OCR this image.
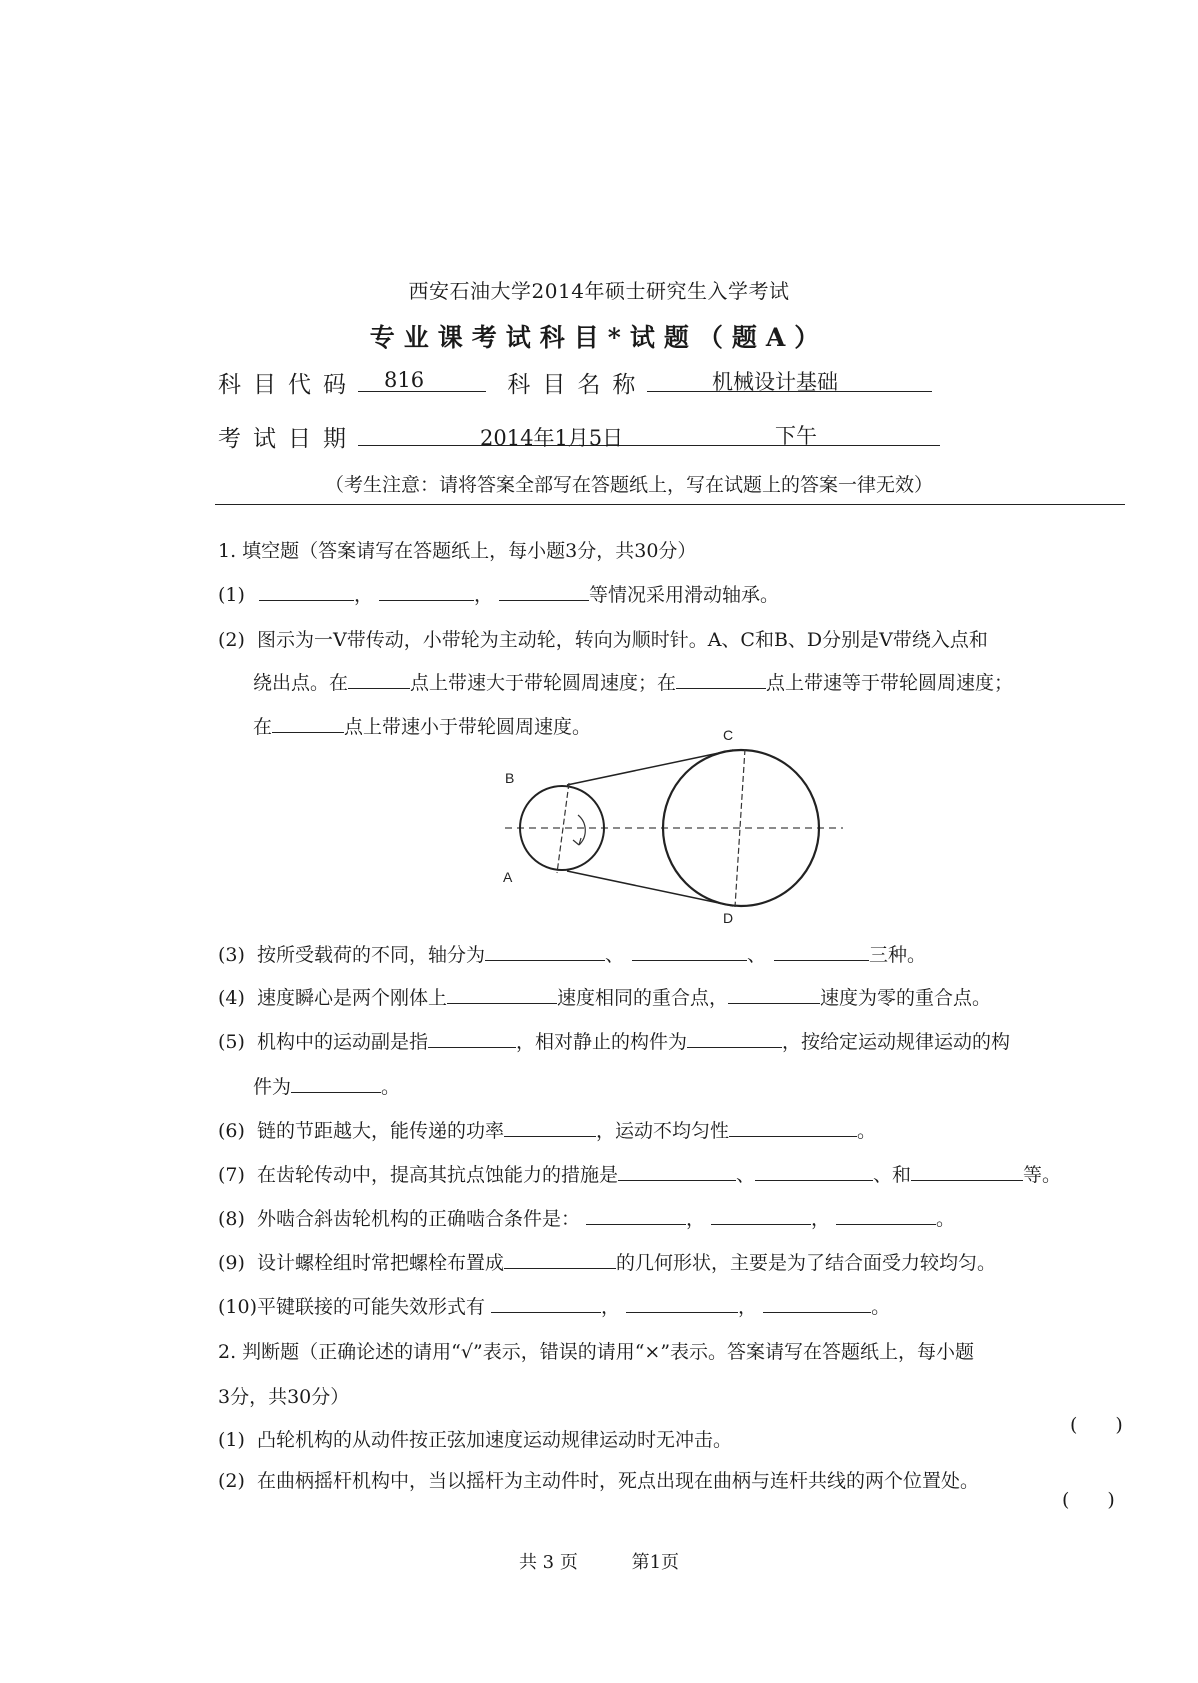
西安石油大学2014年硕士研究生入学考试
专业课考试科目*试题（题A）
科目代码	科目名称
816	机械设计基础
考试日期	2014年1月5日	下午
（考生注意：请将答案全部写在答题纸上，写在试题上的答案一律无效）
1. 填空题（答案请写在答题纸上，每小题3分，共30分）
(1)	，	，	等情况采用滑动轴承。
(2) 图示为一V带传动，小带轮为主动轮，转向为顺时针。A、C和B、D分别是V带绕入点和
绕出点。在	点上带速大于带轮圆周速度；在	点上带速等于带轮圆周速度；
在	点上带速小于带轮圆周速度。
B
A
C
D
(3) 按所受载荷的不同，轴分为	、	、	三种。
(4) 速度瞬心是两个刚体上	速度相同的重合点，	速度为零的重合点。
(5) 机构中的运动副是指	，相对静止的构件为	，按给定运动规律运动的构
件为	。
(6) 链的节距越大，能传递的功率	，运动不均匀性	。
(7) 在齿轮传动中，提高其抗点蚀能力的措施是	、	、和	等。
(8) 外啮合斜齿轮机构的正确啮合条件是：	，	，	。
(9) 设计螺栓组时常把螺栓布置成	的几何形状，主要是为了结合面受力较均匀。
(10)平键联接的可能失效形式有	，	，	。
2. 判断题（正确论述的请用“√”表示，错误的请用“×”表示。答案请写在答题纸上，每小题
3分，共30分）
(1) 凸轮机构的从动件按正弦加速度运动规律运动时无冲击。
(　　)
(2) 在曲柄摇杆机构中，当以摇杆为主动件时，死点出现在曲柄与连杆共线的两个位置处。
(　　)
共 3 页	第1页
